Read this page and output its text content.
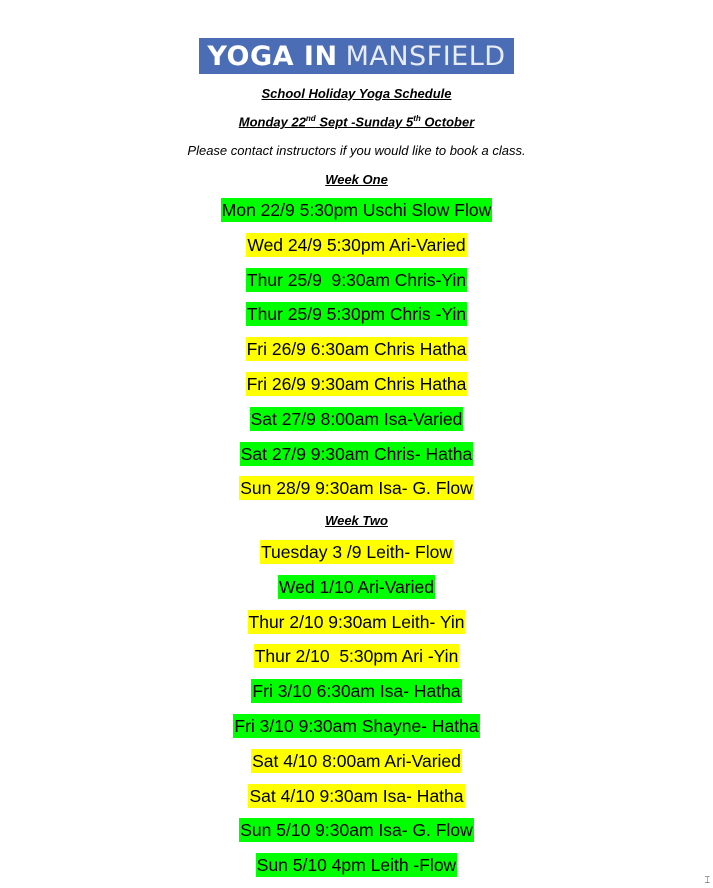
YOGA IN MANSFIELD
School Holiday Yoga Schedule
Monday 22nd Sept -Sunday 5th October
Please contact instructors if you would like to book a class.
Week One
Mon 22/9 5:30pm Uschi Slow Flow
Wed 24/9 5:30pm Ari-Varied
Thur 25/9  9:30am Chris-Yin
Thur 25/9 5:30pm Chris -Yin
Fri 26/9 6:30am Chris Hatha
Fri 26/9 9:30am Chris Hatha
Sat 27/9 8:00am Isa-Varied
Sat 27/9 9:30am Chris- Hatha
Sun 28/9 9:30am Isa- G. Flow
Week Two
Tuesday 3 /9 Leith- Flow
Wed 1/10 Ari-Varied
Thur 2/10 9:30am Leith- Yin
Thur 2/10  5:30pm Ari -Yin
Fri 3/10 6:30am Isa- Hatha
Fri 3/10 9:30am Shayne- Hatha
Sat 4/10 8:00am Ari-Varied
Sat 4/10 9:30am Isa- Hatha
Sun 5/10 9:30am Isa- G. Flow
Sun 5/10 4pm Leith -Flow
⌶
